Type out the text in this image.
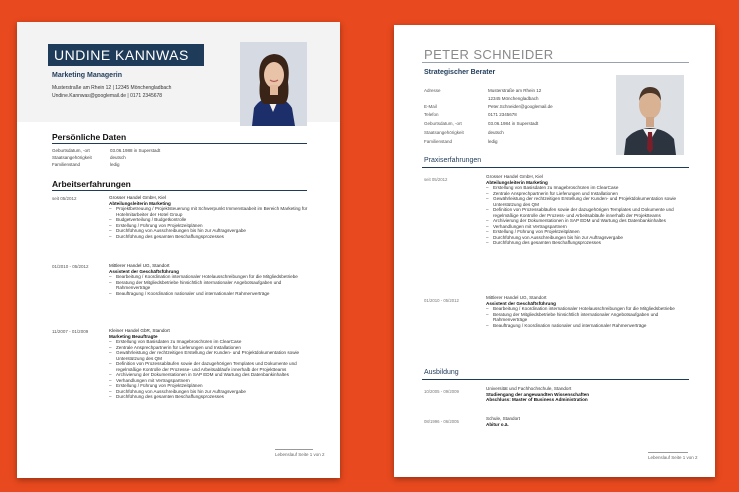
UNDINE KANNWAS
Marketing Managerin
Musterstraße am Rhein 12 | 12345 Mönchengladbach
Undine.Kannwas@googlemail.de | 0171 2345678
Persönliche Daten
Geburtsdatum, -ort	03.06.1988 in Superstadt
Staatsangehörigkeit	deutsch
Familienstand	ledig
Arbeitserfahrungen
seit 05/2012	Grosser Handel GmbH, Kiel
Abteilungsleiterin Marketing
– Projektbetreuung / Projektsteuerung mit Schwerpunkt Immenstaabeit im Bereich Marketing für Hotelmitarbeiter der Hotel Group
– Budgetverteilung / Budgetkontrolle
– Erstellung / Führung von Projektzeitplänen
– Durchführung von Ausschreibungen bis hin zur Auftragsvergabe
– Durchführung des gesamten Beschaffungsprozesses
01/2010 - 05/2012	Mittlerer Handel UG, Standort
Assistent der Geschäftsführung
– Bearbeitung / Koordination internationaler Hotelausschreibungen für die Mitgliedsbetriebe
– Beratung der Mitgliedsbetriebe hinsichtlich internationaler Angebotsaufgaben und Rahmenverträge
– Beauftragung / Koordination nationaler und internationaler Rahmenverträge
11/2007 - 01/2009	Kleiner Handel GbR, Standort
Marketing Beauftragte
– Erstellung von Basisdaten zu Imagebroschüren im ClearCase
– Zentrale Ansprechpartnerin für Lieferungen und Installationen
– Gewährleistung der rechtzeitigen Erstellung der Kunden- und Projektdokumentation sowie Unterstützung des QM
– Definition von Prozessabläufen sowie der dazugehörigen Templates und Dokumente und regelmäßige Kontrolle der Prozesse- und Arbeitsabläufe innerhalb der Projektteams
– Archivierung der Dokumentationen in SAP EDM und Wartung des Datenbankinhaltes
– Verhandlungen mit Vertragspartnern
– Erstellung / Führung von Projektzeitplänen
– Durchführung von Ausschreibungen bis hin zur Auftragsvergabe
– Durchführung des gesamten Beschaffungsprozesses
Lebenslauf Seite 1 von 2
PETER SCHNEIDER
Strategischer Berater
Adresse	Musterstraße am Rhein 12
12345 Mönchengladbach
E-Mail	Peter.Schneider@googlemail.de
Telefon	0171 2345678
Geburtsdatum, -ort	03.06.1984 in Superstadt
Staatsangehörigkeit	deutsch
Familienstand	ledig
Praxiserfahrungen
seit 05/2012
Grosser Handel GmbH, Kiel
Abteilungsleiterin Marketing
– Erstellung von Basisdaten zu Imagebroschüren im ClearCase
– Zentrale Ansprechpartnerin für Lieferungen und Installationen
– Gewährleistung der rechtzeitigen Erstellung der Kunden- und Projektdokumentation sowie Unterstützung des QM
– Definition von Prozessabläufen sowie der dazugehörigen Templates und Dokumente und regelmäßige Kontrolle der Prozess- und Arbeitsabläufe innerhalb der Projektteams
– Archivierung der Dokumentationen in SAP EDM und Wartung des Datenbankinhaltes
– Verhandlungen mit Vertragspartnern
– Erstellung / Führung von Projektzeitplänen
– Durchführung von Ausschreibungen bis hin zur Auftragsvergabe
– Durchführung des gesamten Beschaffungsprozesses
01/2010 - 05/2012
Mittlerer Handel UG, Standort
Assistent der Geschäftsführung
– Bearbeitung / Koordination internationaler Hotelausschreibungen für die Mitgliedsbetriebe
– Beratung der Mitgliedsbetriebe hinsichtlich internationaler Angebotsaufgaben und Rahmenverträge
– Beauftragung / Koordination nationaler und internationaler Rahmenverträge
Ausbildung
10/2005 - 09/2009
Universität und Fachhochschule, Standort
Studiengang der angewandten Wissenschaften
Abschluss: Master of Business Administration
08/1996 - 06/2005
Schule, Standort
Abitur o.ä.
Lebenslauf Seite 1 von 2
